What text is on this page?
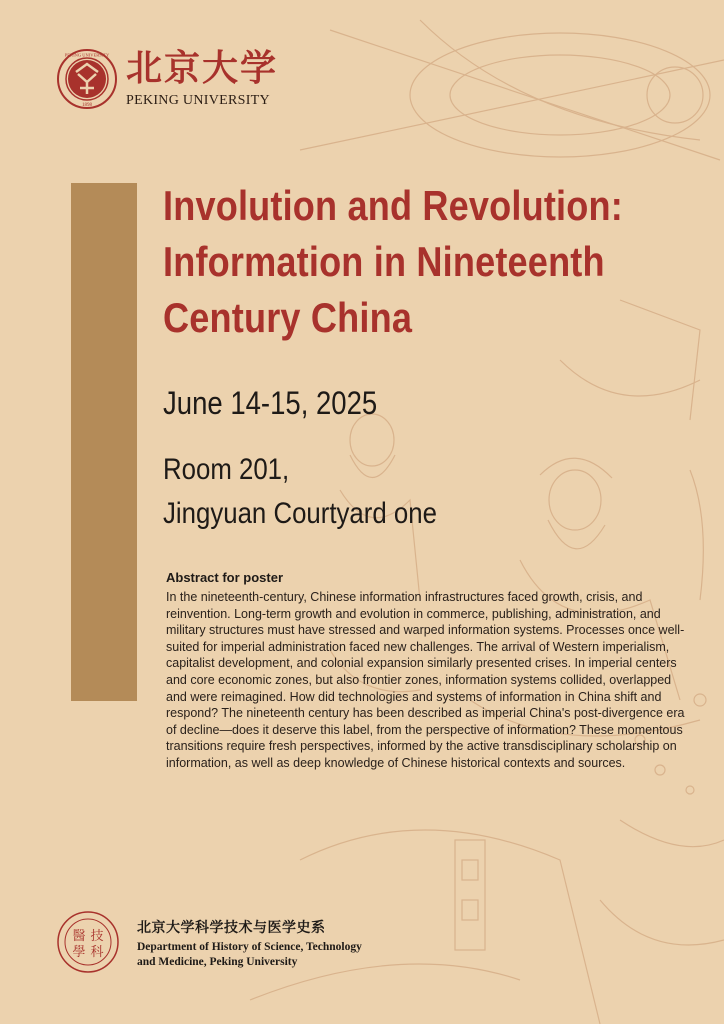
PEKING UNIVERSITY
1898
北京大学
PEKING UNIVERSITY
Involution and Revolution:
Information in Nineteenth
Century China
June 14-15, 2025
Room 201,
Jingyuan Courtyard one
Abstract for poster

In the nineteenth-century, Chinese information infrastructures faced growth, crisis, and reinvention. Long-term growth and evolution in commerce, publishing, administration, and military structures must have stressed and warped information systems. Processes once well-suited for imperial administration faced new challenges. The arrival of Western imperialism, capitalist development, and colonial expansion similarly presented crises. In imperial centers and core economic zones, but also frontier zones, information systems collided, overlapped and were reimagined. How did technologies and systems of information in China shift and respond? The nineteenth century has been described as imperial China's post-divergence era of decline—does it deserve this label, from the perspective of information? These momentous transitions require fresh perspectives, informed by the active transdisciplinary scholarship on information, as well as deep knowledge of Chinese historical contexts and sources.

醫 技
學 科
北京大学科学技术与医学史系
Department of History of Science, Technology
and Medicine, Peking University
